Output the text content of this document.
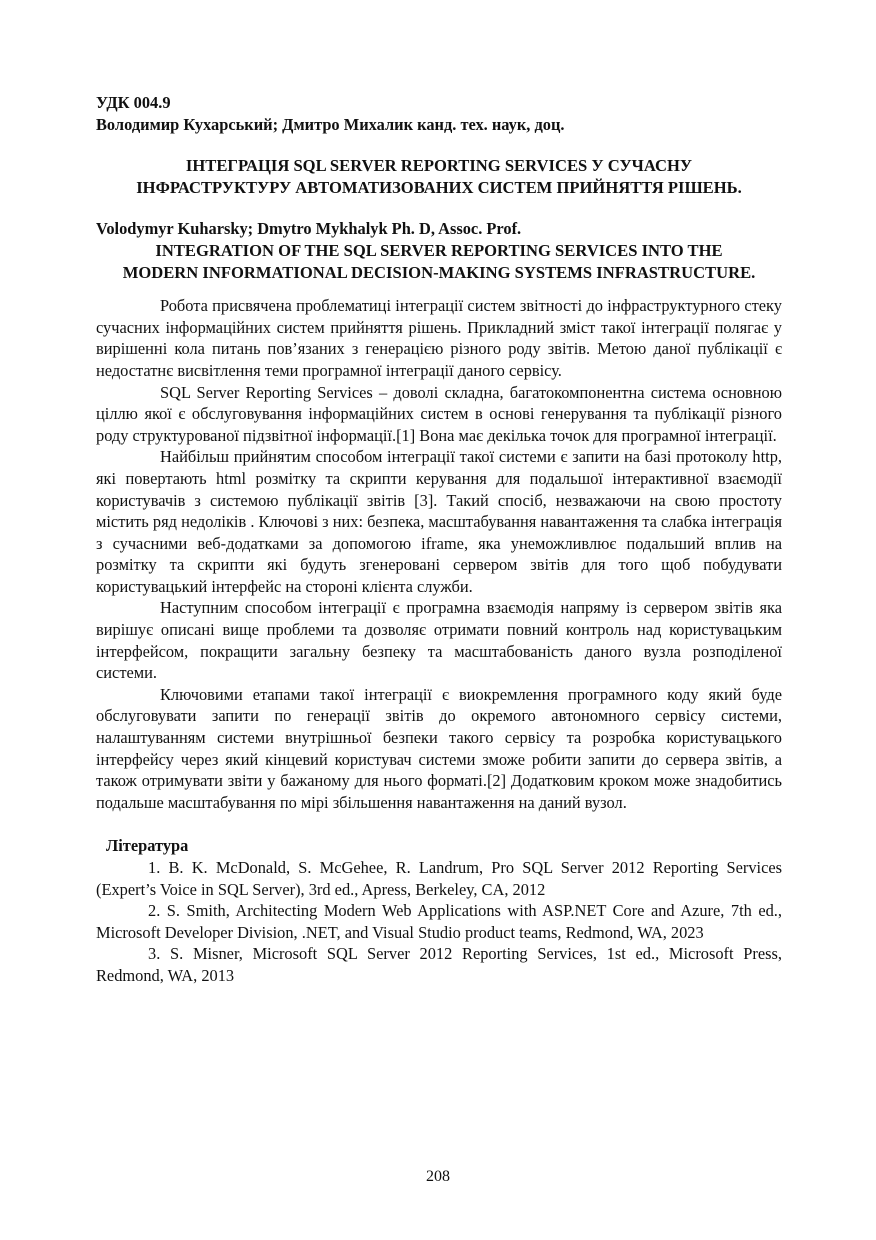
УДК 004.9

Володимир Кухарський; Дмитро Михалик канд. тех. наук, доц.

ІНТЕГРАЦІЯ SQL SERVER REPORTING SERVICES У СУЧАСНУ
ІНФРАСТРУКТУРУ АВТОМАТИЗОВАНИХ СИСТЕМ ПРИЙНЯТТЯ РІШЕНЬ.

Volodymyr Kuharsky; Dmytro Mykhalyk Ph. D, Assoc. Prof.

INTEGRATION OF THE SQL SERVER REPORTING SERVICES INTO THE
MODERN INFORMATIONAL DECISION-MAKING SYSTEMS INFRASTRUCTURE.

Робота присвячена проблематиці інтеграції систем звітності до інфраструктурного стеку сучасних інформаційних систем прийняття рішень. Прикладний зміст такої інтеграції полягає у вирішенні кола питань пов’язаних з генерацією різного роду звітів. Метою даної публікації є недостатнє висвітлення теми програмної інтеграції даного сервісу.

SQL Server Reporting Services – доволі складна, багатокомпонентна система основною ціллю якої є обслуговування інформаційних систем в основі генерування та публікації різного роду структурованої підзвітної інформації.[1] Вона має декілька точок для програмної інтеграції.

Найбільш прийнятим способом інтеграції такої системи є запити на базі протоколу http, які повертають html розмітку та скрипти керування для подальшої інтерактивної взаємодії користувачів з системою публікації звітів [3]. Такий спосіб, незважаючи на свою простоту містить ряд недоліків . Ключові з них: безпека, масштабування навантаження та слабка інтеграція з сучасними веб-додатками за допомогою iframe, яка унеможливлює подальший вплив на розмітку та скрипти які будуть згенеровані сервером звітів для того щоб побудувати користувацький інтерфейс на стороні клієнта служби.

Наступним способом інтеграції є програмна взаємодія напряму із сервером звітів яка вирішує описані вище проблеми та дозволяє отримати повний контроль над користувацьким інтерфейсом, покращити загальну безпеку та масштабованість даного вузла розподіленої системи.

Ключовими етапами такої інтеграції є виокремлення програмного коду який буде обслуговувати запити по генерації звітів до окремого автономного сервісу системи, налаштуванням системи внутрішньої безпеки такого сервісу та розробка користувацького інтерфейсу через який кінцевий користувач системи зможе робити запити до сервера звітів, а також отримувати звіти у бажаному для нього форматі.[2] Додатковим кроком може знадобитись подальше масштабування по мірі збільшення навантаження на даний вузол.

Література

1. B. K. McDonald, S. McGehee, R. Landrum, Pro SQL Server 2012 Reporting Services (Expert’s Voice in SQL Server), 3rd ed., Apress, Berkeley, CA, 2012
2. S. Smith, Architecting Modern Web Applications with ASP.NET Core and Azure, 7th ed., Microsoft Developer Division, .NET, and Visual Studio product teams, Redmond, WA, 2023
3. S. Misner, Microsoft SQL Server 2012 Reporting Services, 1st ed., Microsoft Press, Redmond, WA, 2013
208
